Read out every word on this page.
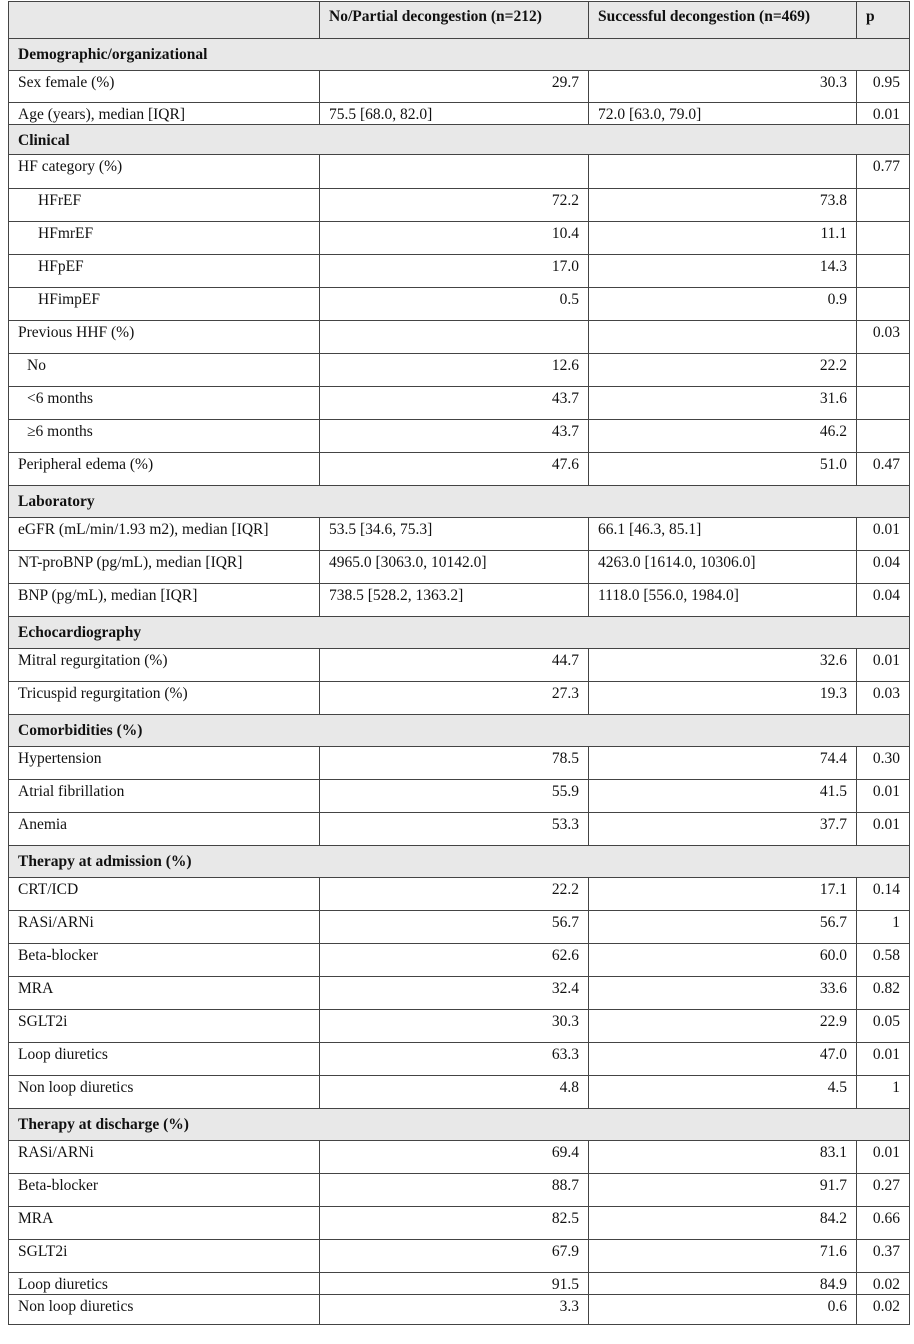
	No/Partial decongestion (n=212)	Successful decongestion (n=469)	p
Demographic/organizational			
Sex female (%)	29.7	30.3	0.95
Age (years), median [IQR]	75.5 [68.0, 82.0]	72.0 [63.0, 79.0]	0.01
Clinical			
HF category (%)			0.77
HFrEF	72.2	73.8	
HFmrEF	10.4	11.1	
HFpEF	17.0	14.3	
HFimpEF	0.5	0.9	
Previous HHF (%)			0.03
No	12.6	22.2	
<6 months	43.7	31.6	
≥6 months	43.7	46.2	
Peripheral edema (%)	47.6	51.0	0.47
Laboratory			
eGFR (mL/min/1.93 m2), median [IQR]	53.5 [34.6, 75.3]	66.1 [46.3, 85.1]	0.01
NT-proBNP (pg/mL), median [IQR]	4965.0 [3063.0, 10142.0]	4263.0 [1614.0, 10306.0]	0.04
BNP (pg/mL), median [IQR]	738.5 [528.2, 1363.2]	1118.0 [556.0, 1984.0]	0.04
Echocardiography			
Mitral regurgitation (%)	44.7	32.6	0.01
Tricuspid regurgitation (%)	27.3	19.3	0.03
Comorbidities (%)			
Hypertension	78.5	74.4	0.30
Atrial fibrillation	55.9	41.5	0.01
Anemia	53.3	37.7	0.01
Therapy at admission (%)			
CRT/ICD	22.2	17.1	0.14
RASi/ARNi	56.7	56.7	1
Beta-blocker	62.6	60.0	0.58
MRA	32.4	33.6	0.82
SGLT2i	30.3	22.9	0.05
Loop diuretics	63.3	47.0	0.01
Non loop diuretics	4.8	4.5	1
Therapy at discharge (%)			
RASi/ARNi	69.4	83.1	0.01
Beta-blocker	88.7	91.7	0.27
MRA	82.5	84.2	0.66
SGLT2i	67.9	71.6	0.37
Loop diuretics	91.5	84.9	0.02
Non loop diuretics	3.3	0.6	0.02
